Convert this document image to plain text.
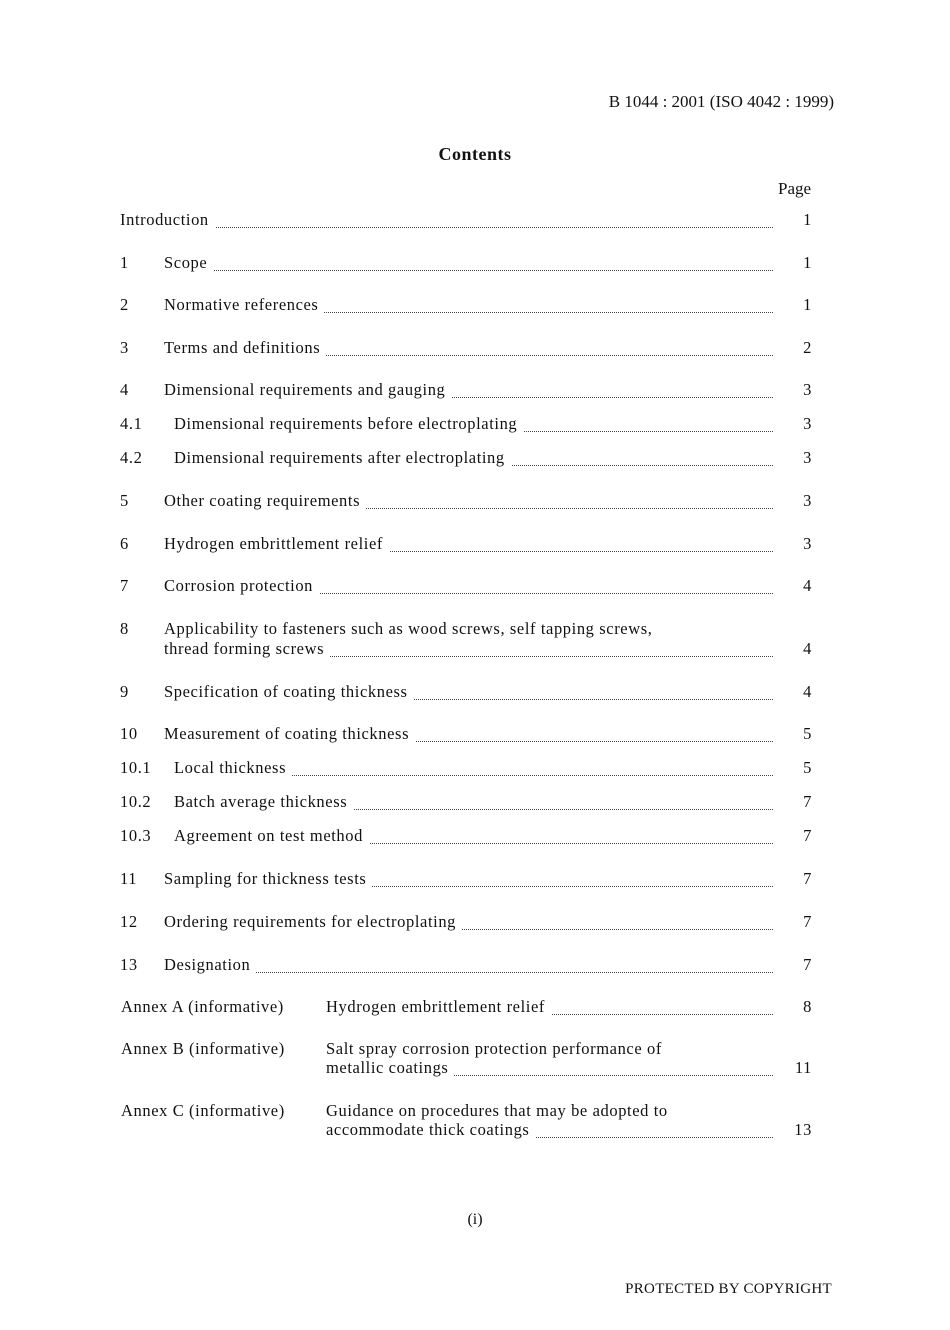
B 1044 : 2001 (ISO 4042 : 1999)
Contents
Page
Introduction	1
1 Scope	1
2 Normative references	1
3 Terms and definitions	2
4 Dimensional requirements and gauging	3
4.1 Dimensional requirements before electroplating	3
4.2 Dimensional requirements after electroplating	3
5 Other coating requirements	3
6 Hydrogen embrittlement relief	3
7 Corrosion protection	4
8 Applicability to fasteners such as wood screws, self tapping screws,
thread forming screws	4
9 Specification of coating thickness	4
10 Measurement of coating thickness	5
10.1 Local thickness	5
10.2 Batch average thickness	7
10.3 Agreement on test method	7
11 Sampling for thickness tests	7
12 Ordering requirements for electroplating	7
13 Designation	7
Annex A (informative)	Hydrogen embrittlement relief	8
Annex B (informative) Salt spray corrosion protection performance of
metallic coatings	11
Annex C (informative) Guidance on procedures that may be adopted to
accommodate thick coatings	13
(i)
PROTECTED BY COPYRIGHT
